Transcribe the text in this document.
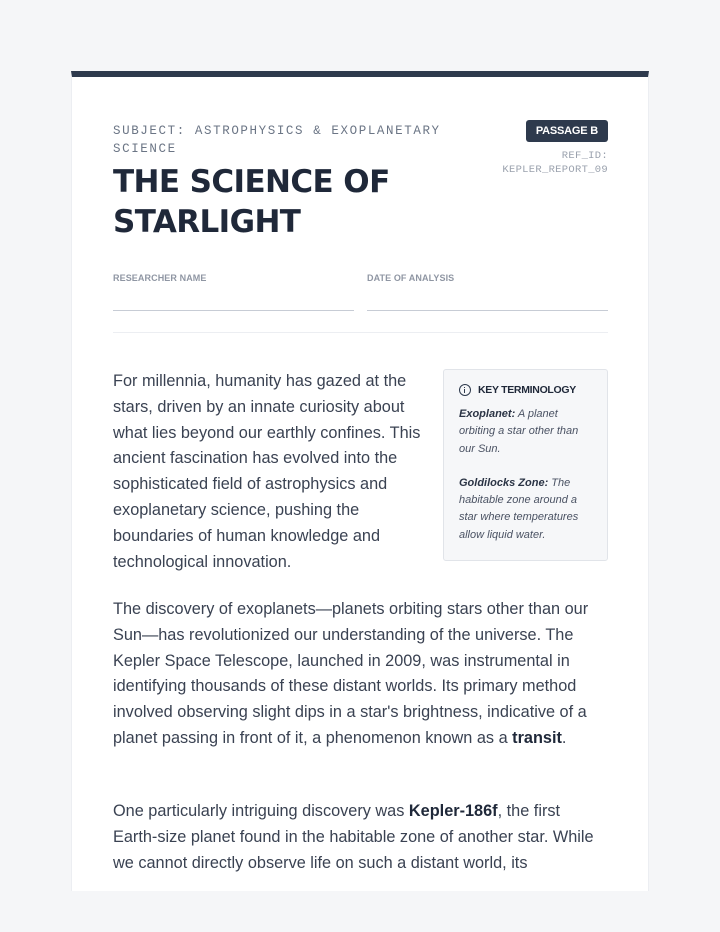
SUBJECT: ASTROPHYSICS & EXOPLANETARY SCIENCE
THE SCIENCE OF STARLIGHT
PASSAGE B
REF_ID: KEPLER_REPORT_09
RESEARCHER NAME	DATE OF ANALYSIS

For millennia, humanity has gazed at the stars, driven by an innate curiosity about what lies beyond our earthly confines. This ancient fascination has evolved into the sophisticated field of astrophysics and exoplanetary science, pushing the boundaries of human knowledge and technological innovation.

KEY TERMINOLOGY

Exoplanet: A planet orbiting a star other than our Sun.

Goldilocks Zone: The habitable zone around a star where temperatures allow liquid water.

The discovery of exoplanets—planets orbiting stars other than our Sun—has revolutionized our understanding of the universe. The Kepler Space Telescope, launched in 2009, was instrumental in identifying thousands of these distant worlds. Its primary method involved observing slight dips in a star's brightness, indicative of a planet passing in front of it, a phenomenon known as a transit.

One particularly intriguing discovery was Kepler-186f, the first Earth-size planet found in the habitable zone of another star. While we cannot directly observe life on such a distant world, its
